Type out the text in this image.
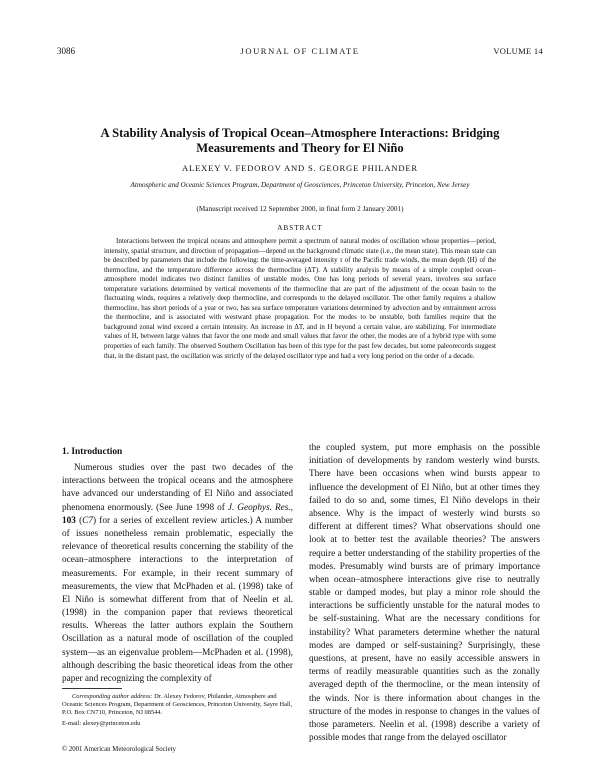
3086	JOURNAL OF CLIMATE	VOLUME 14
A Stability Analysis of Tropical Ocean–Atmosphere Interactions: Bridging Measurements and Theory for El Niño
ALEXEY V. FEDOROV AND S. GEORGE PHILANDER
Atmospheric and Oceanic Sciences Program, Department of Geosciences, Princeton University, Princeton, New Jersey
(Manuscript received 12 September 2000, in final form 2 January 2001)
ABSTRACT

Interactions between the tropical oceans and atmosphere permit a spectrum of natural modes of oscillation whose properties—period, intensity, spatial structure, and direction of propagation—depend on the background climatic state (i.e., the mean state). This mean state can be described by parameters that include the following: the time-averaged intensity τ of the Pacific trade winds, the mean depth ⟨H⟩ of the thermocline, and the temperature difference across the thermocline (ΔT). A stability analysis by means of a simple coupled ocean–atmosphere model indicates two distinct families of unstable modes. One has long periods of several years, involves sea surface temperature variations determined by vertical movements of the thermocline that are part of the adjustment of the ocean basin to the fluctuating winds, requires a relatively deep thermocline, and corresponds to the delayed oscillator. The other family requires a shallow thermocline, has short periods of a year or two, has sea surface temperature variations determined by advection and by entrainment across the thermocline, and is associated with westward phase propagation. For the modes to be unstable, both families require that the background zonal wind exceed a certain intensity. An increase in ΔT, and in H beyond a certain value, are stabilizing. For intermediate values of H, between large values that favor the one mode and small values that favor the other, the modes are of a hybrid type with some properties of each family. The observed Southern Oscillation has been of this type for the past few decades, but some paleorecords suggest that, in the distant past, the oscillation was strictly of the delayed oscillator type and had a very long period on the order of a decade.

1. Introduction

Numerous studies over the past two decades of the interactions between the tropical oceans and the atmosphere have advanced our understanding of El Niño and associated phenomena enormously. (See June 1998 of J. Geophys. Res., 103 (C7) for a series of excellent review articles.) A number of issues nonetheless remain problematic, especially the relevance of theoretical results concerning the stability of the ocean–atmosphere interactions to the interpretation of measurements. For example, in their recent summary of measurements, the view that McPhaden et al. (1998) take of El Niño is somewhat different from that of Neelin et al. (1998) in the companion paper that reviews theoretical results. Whereas the latter authors explain the Southern Oscillation as a natural mode of oscillation of the coupled system—as an eigenvalue problem—McPhaden et al. (1998), although describing the basic theoretical ideas from the other paper and recognizing the complexity of

the coupled system, put more emphasis on the possible initiation of developments by random westerly wind bursts. There have been occasions when wind bursts appear to influence the development of El Niño, but at other times they failed to do so and, some times, El Niño develops in their absence. Why is the impact of westerly wind bursts so different at different times? What observations should one look at to better test the available theories? The answers require a better understanding of the stability properties of the modes. Presumably wind bursts are of primary importance when ocean–atmosphere interactions give rise to neutrally stable or damped modes, but play a minor role should the interactions be sufficiently unstable for the natural modes to be self-sustaining. What are the necessary conditions for instability? What parameters determine whether the natural modes are damped or self-sustaining? Surprisingly, these questions, at present, have no easily accessible answers in terms of readily measurable quantities such as the zonally averaged depth of the thermocline, or the mean intensity of the winds. Nor is there information about changes in the structure of the modes in response to changes in the values of those parameters. Neelin et al. (1998) describe a variety of possible modes that range from the delayed oscillator

Corresponding author address: Dr. Alexey Fedorov, Philander, Atmosphere and Oceanic Sciences Program, Department of Geosciences, Princeton University, Sayre Hall, P.O. Box CN710, Princeton, NJ 08544.

E-mail: alexey@princeton.edu

© 2001 American Meteorological Society
